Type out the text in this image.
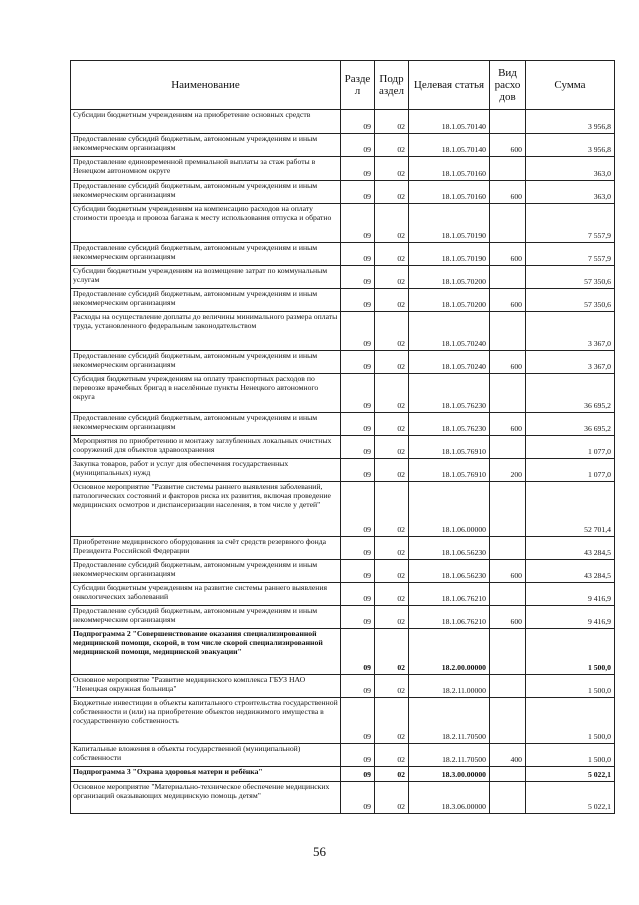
Наименование	Разде л	Подр аздел	Целевая статья	Вид расхо дов	Сумма
Субсидии бюджетным учреждениям на приобретение основных средств	09	02	18.1.05.70140		3 956,8
Предоставление субсидий бюджетным, автономным учреждениям и иным некоммерческим организациям	09	02	18.1.05.70140	600	3 956,8
Предоставление единовременной премиальной выплаты за стаж работы в Ненецком автономном округе	09	02	18.1.05.70160		363,0
Предоставление субсидий бюджетным, автономным учреждениям и иным некоммерческим организациям	09	02	18.1.05.70160	600	363,0
Субсидии бюджетным учреждениям на компенсацию расходов на оплату стоимости проезда и провоза багажа к месту использования отпуска и обратно	09	02	18.1.05.70190		7 557,9
Предоставление субсидий бюджетным, автономным учреждениям и иным некоммерческим организациям	09	02	18.1.05.70190	600	7 557,9
Субсидии бюджетным учреждениям на возмещение затрат по коммунальным услугам	09	02	18.1.05.70200		57 350,6
Предоставление субсидий бюджетным, автономным учреждениям и иным некоммерческим организациям	09	02	18.1.05.70200	600	57 350,6
Расходы на осуществление доплаты до величины минимального размера оплаты труда, установленного федеральным законодательством	09	02	18.1.05.70240		3 367,0
Предоставление субсидий бюджетным, автономным учреждениям и иным некоммерческим организациям	09	02	18.1.05.70240	600	3 367,0
Субсидия бюджетным учреждениям на оплату транспортных расходов по перевозке врачебных бригад в населённые пункты Ненецкого автономного округа	09	02	18.1.05.76230		36 695,2
Предоставление субсидий бюджетным, автономным учреждениям и иным некоммерческим организациям	09	02	18.1.05.76230	600	36 695,2
Мероприятия по приобретению и монтажу заглубленных локальных очистных сооружений для объектов здравоохранения	09	02	18.1.05.76910		1 077,0
Закупка товаров, работ и услуг для обеспечения государственных (муниципальных) нужд	09	02	18.1.05.76910	200	1 077,0
Основное мероприятие "Развитие системы раннего выявления заболеваний, патологических состояний и факторов риска их развития, включая проведение медицинских осмотров и диспансеризации населения, в том числе у детей"	09	02	18.1.06.00000		52 701,4
Приобретение медицинского оборудования за счёт средств резервного фонда Президента Российской Федерации	09	02	18.1.06.56230		43 284,5
Предоставление субсидий бюджетным, автономным учреждениям и иным некоммерческим организациям	09	02	18.1.06.56230	600	43 284,5
Субсидии бюджетным учреждениям на развитие системы раннего выявления онкологических заболеваний	09	02	18.1.06.76210		9 416,9
Предоставление субсидий бюджетным, автономным учреждениям и иным некоммерческим организациям	09	02	18.1.06.76210	600	9 416,9
Подпрограмма 2 "Совершенствование оказания специализированной медицинской помощи, скорой, в том числе скорой специализированной медицинской помощи, медицинской эвакуации"	09	02	18.2.00.00000		1 500,0
Основное мероприятие "Развитие медицинского комплекса ГБУЗ НАО "Ненецкая окружная больница"	09	02	18.2.11.00000		1 500,0
Бюджетные инвестиции в объекты капитального строительства государственной собственности и (или) на приобретение объектов недвижимого имущества в государственную собственность	09	02	18.2.11.70500		1 500,0
Капитальные вложения в объекты государственной (муниципальной) собственности	09	02	18.2.11.70500	400	1 500,0
Подпрограмма 3 "Охрана здоровья матери и ребёнка"	09	02	18.3.00.00000		5 022,1
Основное мероприятие "Материально-техническое обеспечение медицинских организаций оказывающих медицинскую помощь детям"	09	02	18.3.06.00000		5 022,1
56
